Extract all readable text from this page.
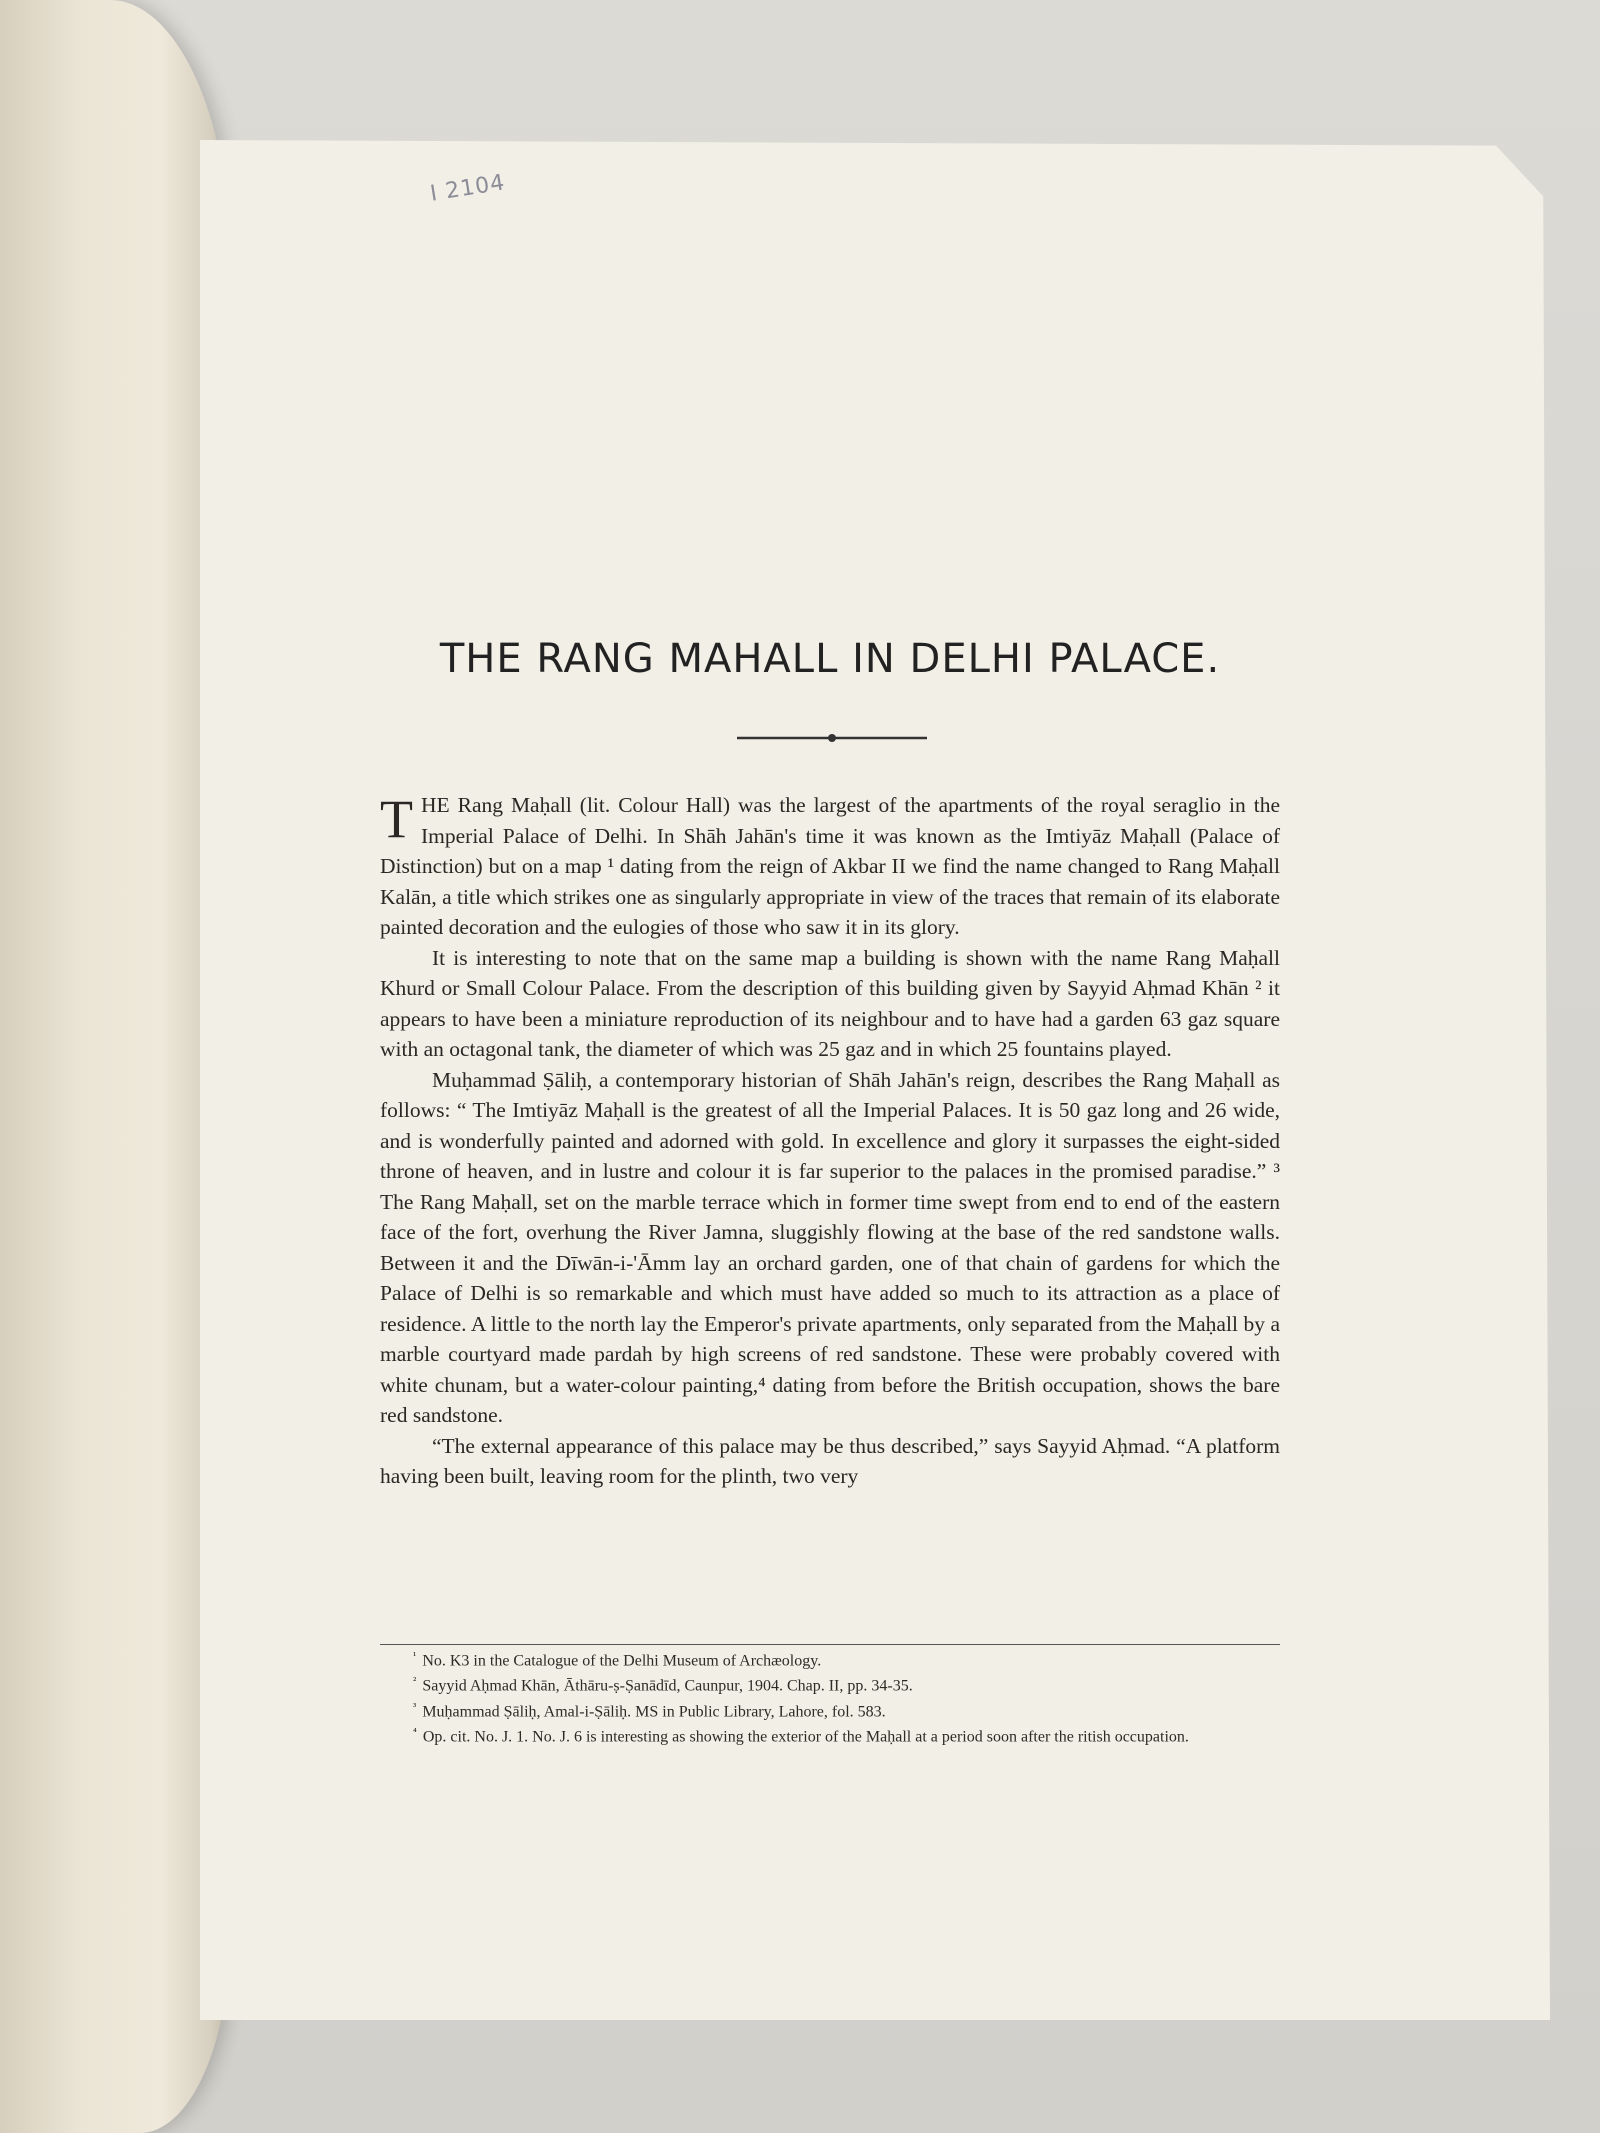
I 2104
THE RANG MAHALL IN DELHI PALACE.

THE Rang Maḥall (lit. Colour Hall) was the largest of the apartments of the royal seraglio in the Imperial Palace of Delhi. In Shāh Jahān's time it was known as the Imtiyāz Maḥall (Palace of Distinction) but on a map ¹ dating from the reign of Akbar II we find the name changed to Rang Maḥall Kalān, a title which strikes one as singularly appropriate in view of the traces that remain of its elaborate painted decoration and the eulogies of those who saw it in its glory.

It is interesting to note that on the same map a building is shown with the name Rang Maḥall Khurd or Small Colour Palace. From the description of this building given by Sayyid Aḥmad Khān ² it appears to have been a miniature reproduction of its neighbour and to have had a garden 63 gaz square with an octagonal tank, the diameter of which was 25 gaz and in which 25 fountains played.

Muḥammad Ṣāliḥ, a contemporary historian of Shāh Jahān's reign, describes the Rang Maḥall as follows: “ The Imtiyāz Maḥall is the greatest of all the Imperial Palaces. It is 50 gaz long and 26 wide, and is wonderfully painted and adorned with gold. In excellence and glory it surpasses the eight-sided throne of heaven, and in lustre and colour it is far superior to the palaces in the promised paradise.” ³ The Rang Maḥall, set on the marble terrace which in former time swept from end to end of the eastern face of the fort, overhung the River Jamna, sluggishly flowing at the base of the red sandstone walls. Between it and the Dīwān-i-'Āmm lay an orchard garden, one of that chain of gardens for which the Palace of Delhi is so remarkable and which must have added so much to its attraction as a place of residence. A little to the north lay the Emperor's private apartments, only separated from the Maḥall by a marble courtyard made pardah by high screens of red sandstone. These were probably covered with white chunam, but a water-colour painting,⁴ dating from before the British occupation, shows the bare red sandstone.

“The external appearance of this palace may be thus described,” says Sayyid Aḥmad. “A platform having been built, leaving room for the plinth, two very

$^{^1}$ No. K3 in the Catalogue of the Delhi Museum of Archæology.

$^{^2}$ Sayyid Aḥmad Khān, Āthāru-ṣ-Ṣanādīd, Caunpur, 1904. Chap. II, pp. 34-35.

$^{^3}$ Muḥammad Ṣāliḥ, Amal-i-Ṣāliḥ. MS in Public Library, Lahore, fol. 583.

$^{^4}$ Op. cit. No. J. 1. No. J. 6 is interesting as showing the exterior of the Maḥall at a period soon after the ritish occupation.
